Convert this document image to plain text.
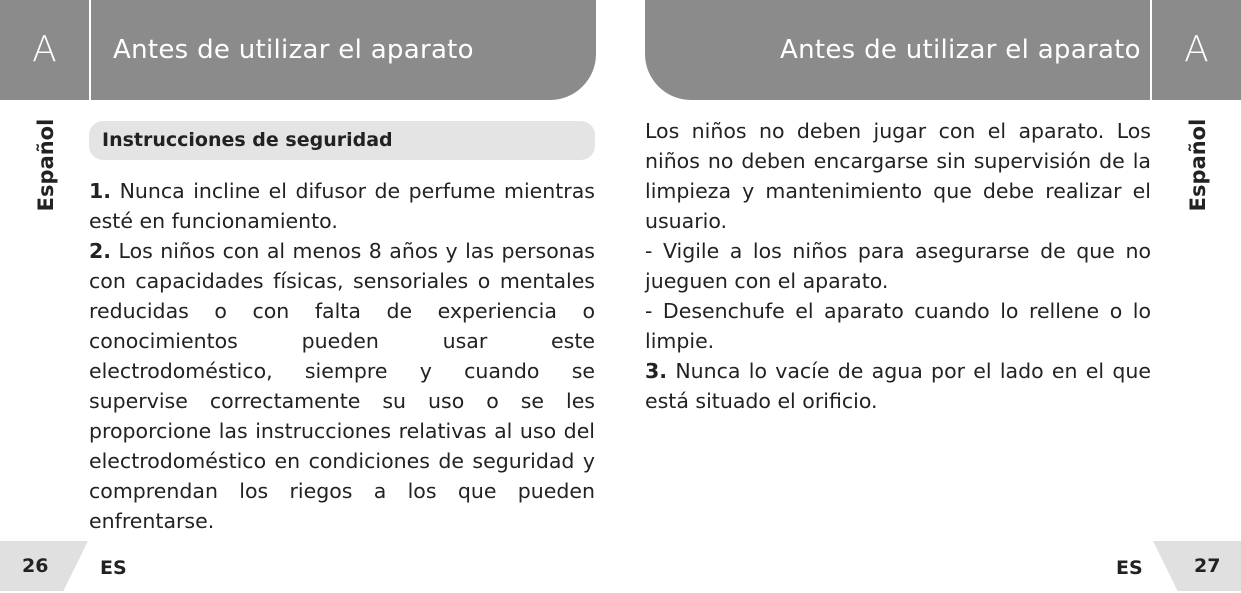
A	Antes de utilizar el aparato	Antes de utilizar el aparato	A
Español	Español
Instrucciones de seguridad

1. Nunca incline el difusor de perfume mientras esté en funcionamiento.

2. Los niños con al menos 8 años y las personas con capacidades físicas, sensoriales o mentales reducidas o con falta de experiencia o conocimientos pueden usar este electrodoméstico, siempre y cuando se supervise correctamente su uso o se les proporcione las instrucciones relativas al uso del electrodoméstico en condiciones de seguridad y comprendan los riegos a los que pueden enfrentarse.

Los niños no deben jugar con el aparato. Los niños no deben encargarse sin supervisión de la limpieza y mantenimiento que debe realizar el usuario.

- Vigile a los niños para asegurarse de que no jueguen con el aparato.

- Desenchufe el aparato cuando lo rellene o lo limpie.

3. Nunca lo vacíe de agua por el lado en el que está situado el orificio.

26	ES	ES	27
